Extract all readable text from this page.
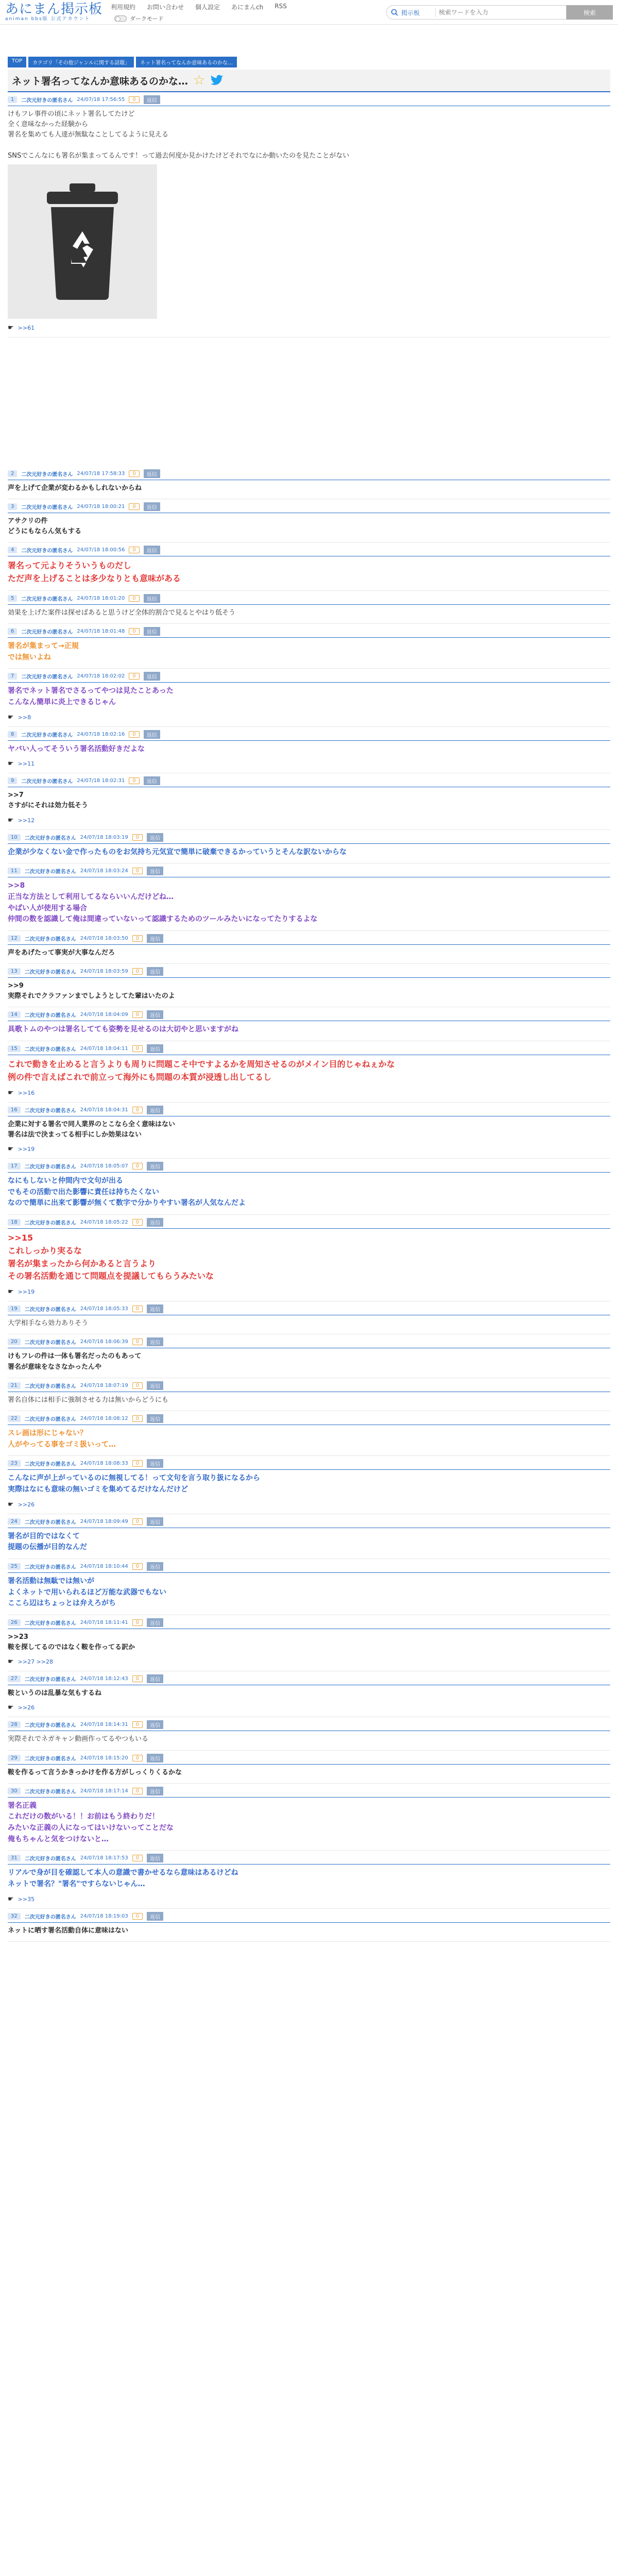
あにまん掲示板
animan bbs版 公式アカウント
利用規約 お問い合わせ 個人設定 あにまんch RSS
ダークモード
掲示板
検索ワードを入力	検索
TOP	カテゴリ「その他ジャンルに関する話題」	ネット署名ってなんか意味あるのかな…
ネット署名ってなんか意味あるのかな… ☆
1	二次元好きの匿名さん 24/07/18 17:56:55	0	返信
けもフレ事件の頃にネット署名してたけど
全く意味なかった経験から
署名を集めても人達が無駄なことしてるように見える

SNSでこんなにも署名が集まってるんです！って過去何度か見かけたけどそれでなにか動いたのを見たことがない
☛ >>61
2	二次元好きの匿名さん 24/07/18 17:58:33	0	返信
声を上げて企業が変わるかもしれないからね
3	二次元好きの匿名さん 24/07/18 18:00:21	0	返信
アサクリの件
どうにもならん気もする
4	二次元好きの匿名さん 24/07/18 18:00:56	0	返信
署名って元よりそういうものだし
ただ声を上げることは多少なりとも意味がある
5	二次元好きの匿名さん 24/07/18 18:01:20	0	返信
効果を上げた案件は探せばあると思うけど全体的割合で見るとやはり低そう
6	二次元好きの匿名さん 24/07/18 18:01:48	0	返信
署名が集まって→正規
では無いよね
7	二次元好きの匿名さん 24/07/18 18:02:02	0	返信
署名でネット署名でさるってやつは見たことあった
こんなん簡単に炎上できるじゃん
☛ >>8
8	二次元好きの匿名さん 24/07/18 18:02:16	0	返信
ヤバい人ってそういう署名活動好きだよな
☛ >>11
9	二次元好きの匿名さん 24/07/18 18:02:31	0	返信
>>7
さすがにそれは効力低そう
☛ >>12
10	二次元好きの匿名さん 24/07/18 18:03:19	0	返信
企業が少なくない金で作ったものをお気持ち元気宣で簡単に破棄できるかっていうとそんな訳ないからな
11	二次元好きの匿名さん 24/07/18 18:03:24	0	返信
>>8
正当な方法として利用してるならいいんだけどね…
やばい人が使用する場合
仲間の数を認識して俺は間違っていないって認識するためのツールみたいになってたりするよな
12	二次元好きの匿名さん 24/07/18 18:03:50	0	返信
声をあげたって事実が大事なんだろ
13	二次元好きの匿名さん 24/07/18 18:03:59	0	返信
>>9
実際それでクラファンまでしようとしてた輩はいたのよ
14	二次元好きの匿名さん 24/07/18 18:04:09	0	返信
具歌トムのやつは署名してても姿勢を見せるのは大切やと思いますがね
15	二次元好きの匿名さん 24/07/18 18:04:11	0	返信
これで動きを止めると言うよりも周りに問題こそ中ですよるかを周知させるのがメイン目的じゃねぇかな
例の件で言えばこれで前立って海外にも問題の本質が浸透し出してるし
☛ >>16
16	二次元好きの匿名さん 24/07/18 18:04:31	0	返信
企業に対する署名で同人業界のとこなら全く意味はない
署名は法で決まってる相手にしか効果はない
☛ >>19
17	二次元好きの匿名さん 24/07/18 18:05:07	0	返信
なにもしないと仲間内で文句が出る
でもその活動で出た影響に責任は持ちたくない
なので簡単に出来て影響が無くて数字で分かりやすい署名が人気なんだよ
18	二次元好きの匿名さん 24/07/18 18:05:22	0	返信
>>15
これしっかり実るな
署名が集まったから何かあると言うより
その署名活動を通じて問題点を提議してもらうみたいな
☛ >>19
19	二次元好きの匿名さん 24/07/18 18:05:33	0	返信
大学相手なら効力ありそう
20	二次元好きの匿名さん 24/07/18 18:06:39	0	返信
けもフレの件は一体も署名だったのもあって
署名が意味をなさなかったんや
21	二次元好きの匿名さん 24/07/18 18:07:19	0	返信
署名自体には相手に強制させる力は無いからどうにも
22	二次元好きの匿名さん 24/07/18 18:08:12	0	返信
スレ画は形にじゃない？
人がやってる事をゴミ扱いって…
23	二次元好きの匿名さん 24/07/18 18:08:33	0	返信
こんなに声が上がっているのに無視してる！って文句を言う取り扱になるから
実際はなにも意味の無いゴミを集めてるだけなんだけど
☛ >>26
24	二次元好きの匿名さん 24/07/18 18:09:49	0	返信
署名が目的ではなくて
提題の伝播が目的なんだ
25	二次元好きの匿名さん 24/07/18 18:10:44	0	返信
署名活動は無駄では無いが
よくネットで用いられるほど万能な武器でもない
ここら辺はちょっとは弁えろがち
26	二次元好きの匿名さん 24/07/18 18:11:41	0	返信
>>23
鞍を探してるのではなく鞍を作ってる訳か
☛ >>27 >>28
27	二次元好きの匿名さん 24/07/18 18:12:43	0	返信
鞍というのは乱暴な気もするね
☛ >>26
28	二次元好きの匿名さん 24/07/18 18:14:31	0	返信
実際それでネガキャン動画作ってるやつもいる
29	二次元好きの匿名さん 24/07/18 18:15:20	0	返信
鞍を作るって言うかきっかけを作る方がしっくりくるかな
30	二次元好きの匿名さん 24/07/18 18:17:14	0	返信
署名正義
これだけの数がいる！！お前はもう終わりだ！
みたいな正義の人になってはいけないってことだな
俺もちゃんと気をつけないと…
31	二次元好きの匿名さん 24/07/18 18:17:53	0	返信
リアルで身が目を確認して本人の意識で書かせるなら意味はあるけどね
ネットで署名？"署名"ですらないじゃん…
☛ >>35
32	二次元好きの匿名さん 24/07/18 18:19:03	0	返信
ネットに晒す署名活動自体に意味はない
